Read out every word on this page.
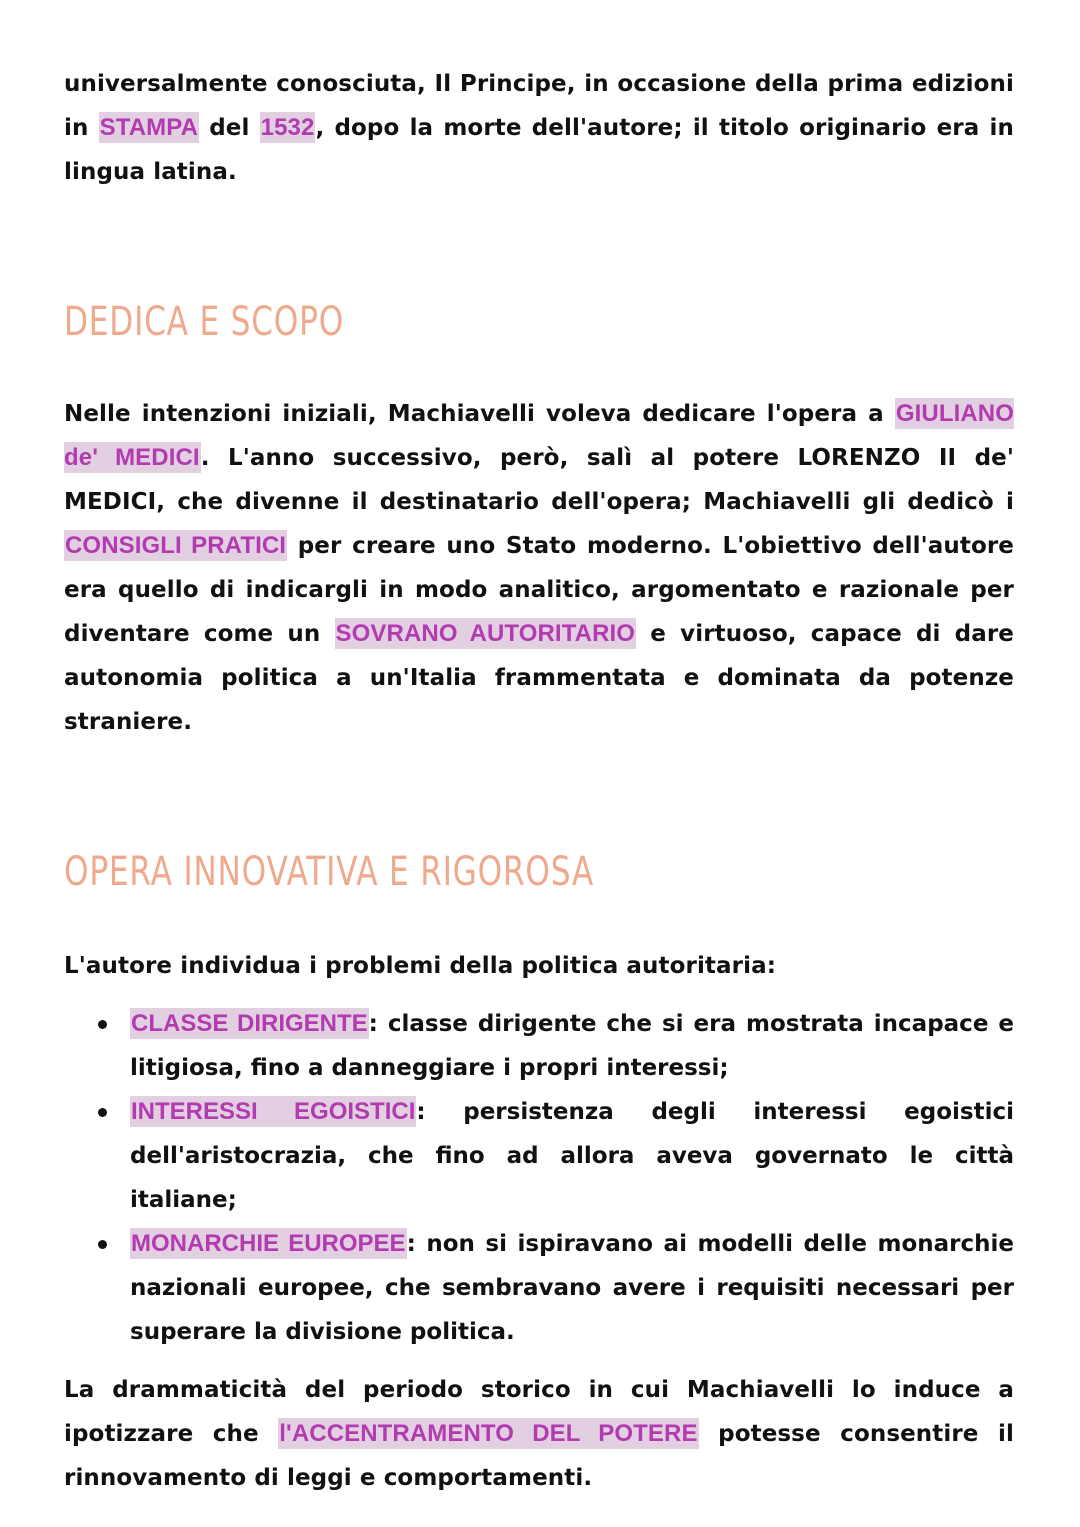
universalmente conosciuta, Il Principe, in occasione della prima edizioni in STAMPA del 1532, dopo la morte dell'autore; il titolo originario era in lingua latina.

DEDICA E SCOPO

Nelle intenzioni iniziali, Machiavelli voleva dedicare l'opera a GIULIANO de' MEDICI. L'anno successivo, però, salì al potere LORENZO II de' MEDICI, che divenne il destinatario dell'opera; Machiavelli gli dedicò i CONSIGLI PRATICI per creare uno Stato moderno. L'obiettivo dell'autore era quello di indicargli in modo analitico, argomentato e razionale per diventare come un SOVRANO AUTORITARIO e virtuoso, capace di dare autonomia politica a un'Italia frammentata e dominata da potenze straniere.

OPERA INNOVATIVA E RIGOROSA

L'autore individua i problemi della politica autoritaria:

CLASSE DIRIGENTE: classe dirigente che si era mostrata incapace e litigiosa, fino a danneggiare i propri interessi;
INTERESSI EGOISTICI: persistenza degli interessi egoistici dell'aristocrazia, che fino ad allora aveva governato le città italiane;
MONARCHIE EUROPEE: non si ispiravano ai modelli delle monarchie nazionali europee, che sembravano avere i requisiti necessari per superare la divisione politica.

La drammaticità del periodo storico in cui Machiavelli lo induce a ipotizzare che l'ACCENTRAMENTO DEL POTERE potesse consentire il rinnovamento di leggi e comportamenti.
